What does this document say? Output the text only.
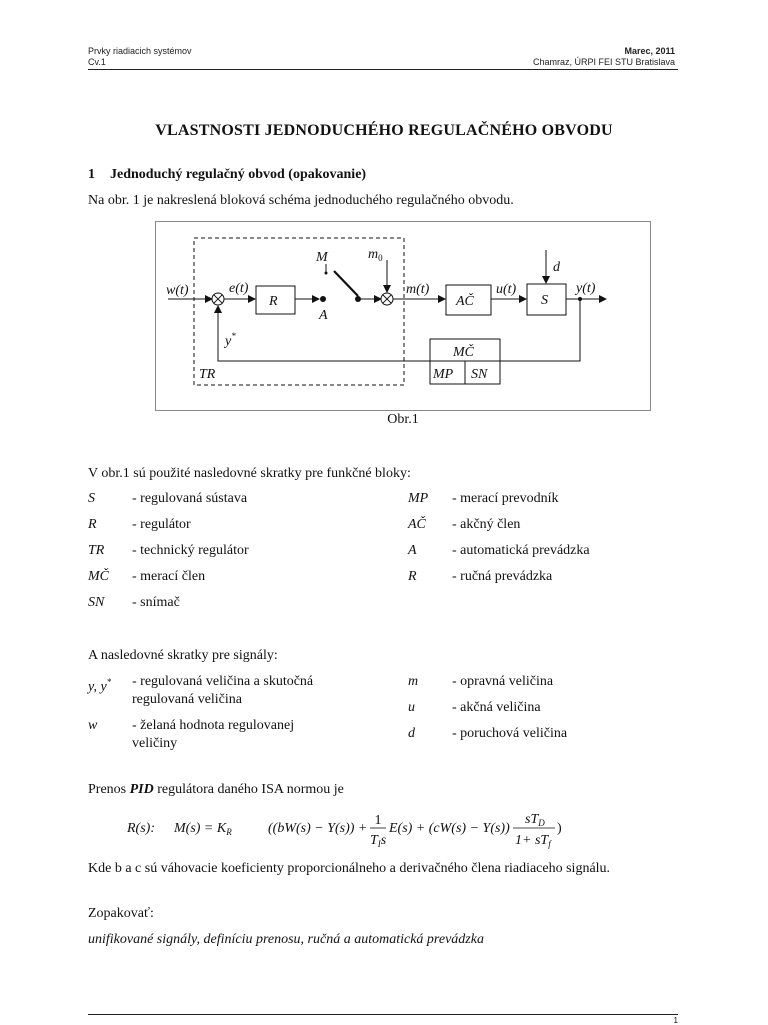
Prvky riadiacich systémov
Cv.1
Marec, 2011
Chamraz, ÚRPI FEI STU Bratislava
VLASTNOSTI JEDNODUCHÉHO REGULAČNÉHO OBVODU
1 Jednoduchý regulačný obvod (opakovanie)
Na obr. 1 je nakreslená bloková schéma jednoduchého regulačného obvodu.
w(t)	e(t)
R
M
A
$m_0$
m(t)
AČ
u(t)
d
S
y(t)
y*
MČ
MP SN
TR
Obr.1
V obr.1 sú použité nasledovné skratky pre funkčné bloky:
S	- regulovaná sústava
R	- regulátor
TR - technický regulátor
MČ - merací člen
SN - snímač
MP - merací prevodník
AČ - akčný člen
A	- automatická prevádzka
R	- ručná prevádzka
A nasledovné skratky pre signály:
y, y* - regulovaná veličina a skutočná regulovaná veličina
w - želaná hodnota regulovanej veličiny
m - opravná veličina
u	- akčná veličina
d	- poruchová veličina
Prenos PID regulátora daného ISA normou je
R(s): $M(s) = K_R$	((bW(s) − Y(s)) +
1
$T_Is$
E(s) + (cW(s) − Y(s))
$sT_D$
$1+ sT_f$
)
Kde b a c sú váhovacie koeficienty proporcionálneho a derivačného člena riadiaceho signálu.
Zopakovať:
unifikované signály, definíciu prenosu, ručná a automatická prevádzka
1
